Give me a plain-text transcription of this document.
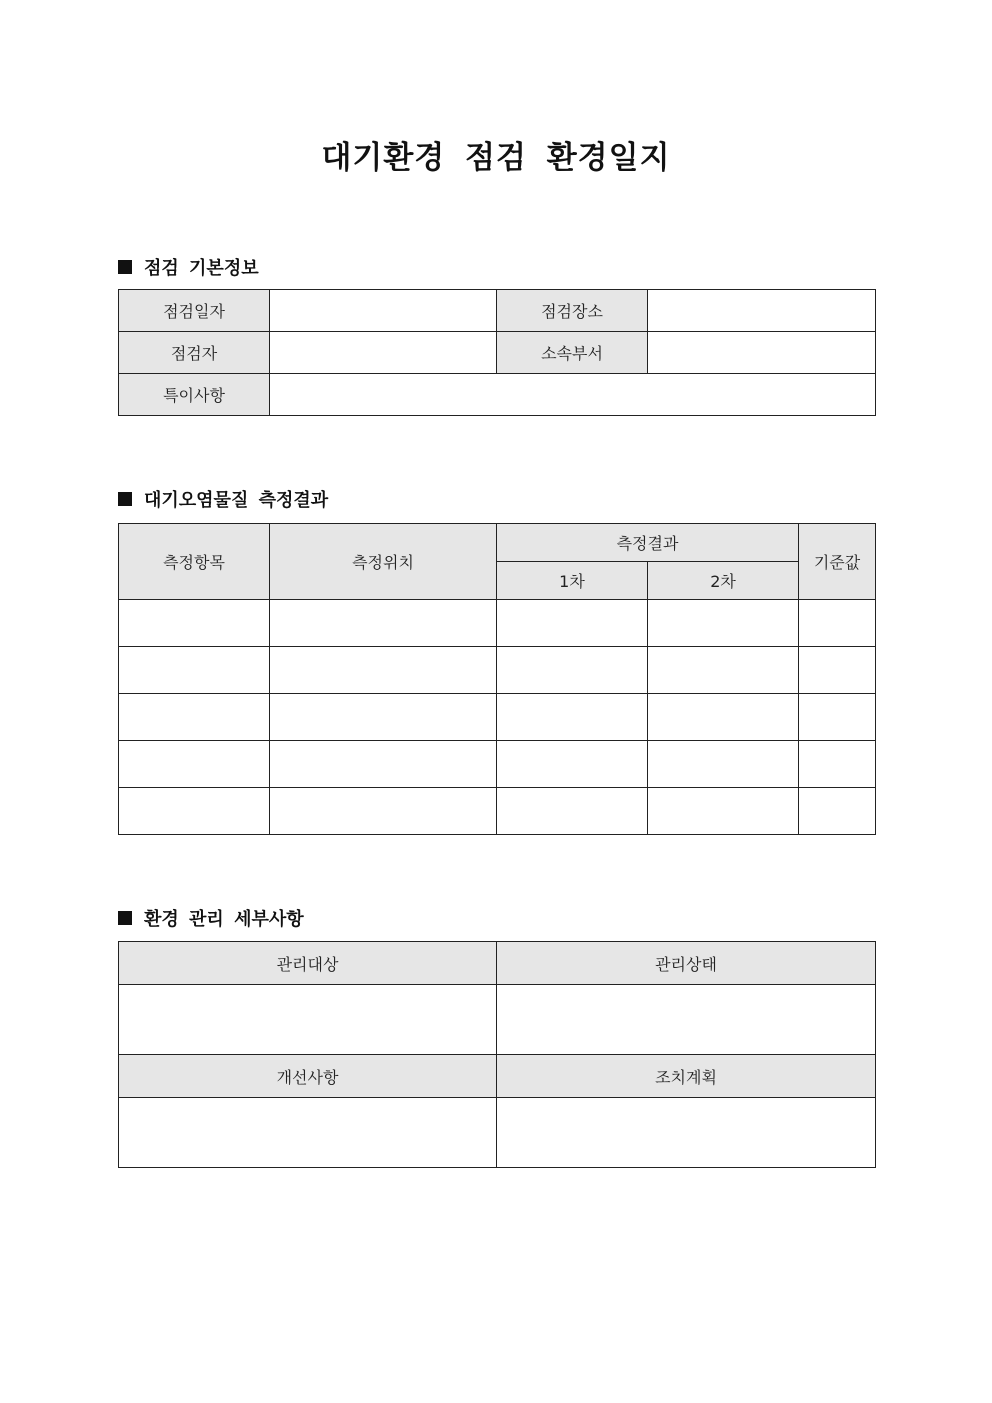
대기환경 점검 환경일지
점검 기본정보
점검일자		점검장소	
점검자		소속부서	
특이사항			
대기오염물질 측정결과
측정항목	측정위치	측정결과		기준값
		1차	2차	

환경 관리 세부사항
관리대상	관리상태

개선사항	조치계획
